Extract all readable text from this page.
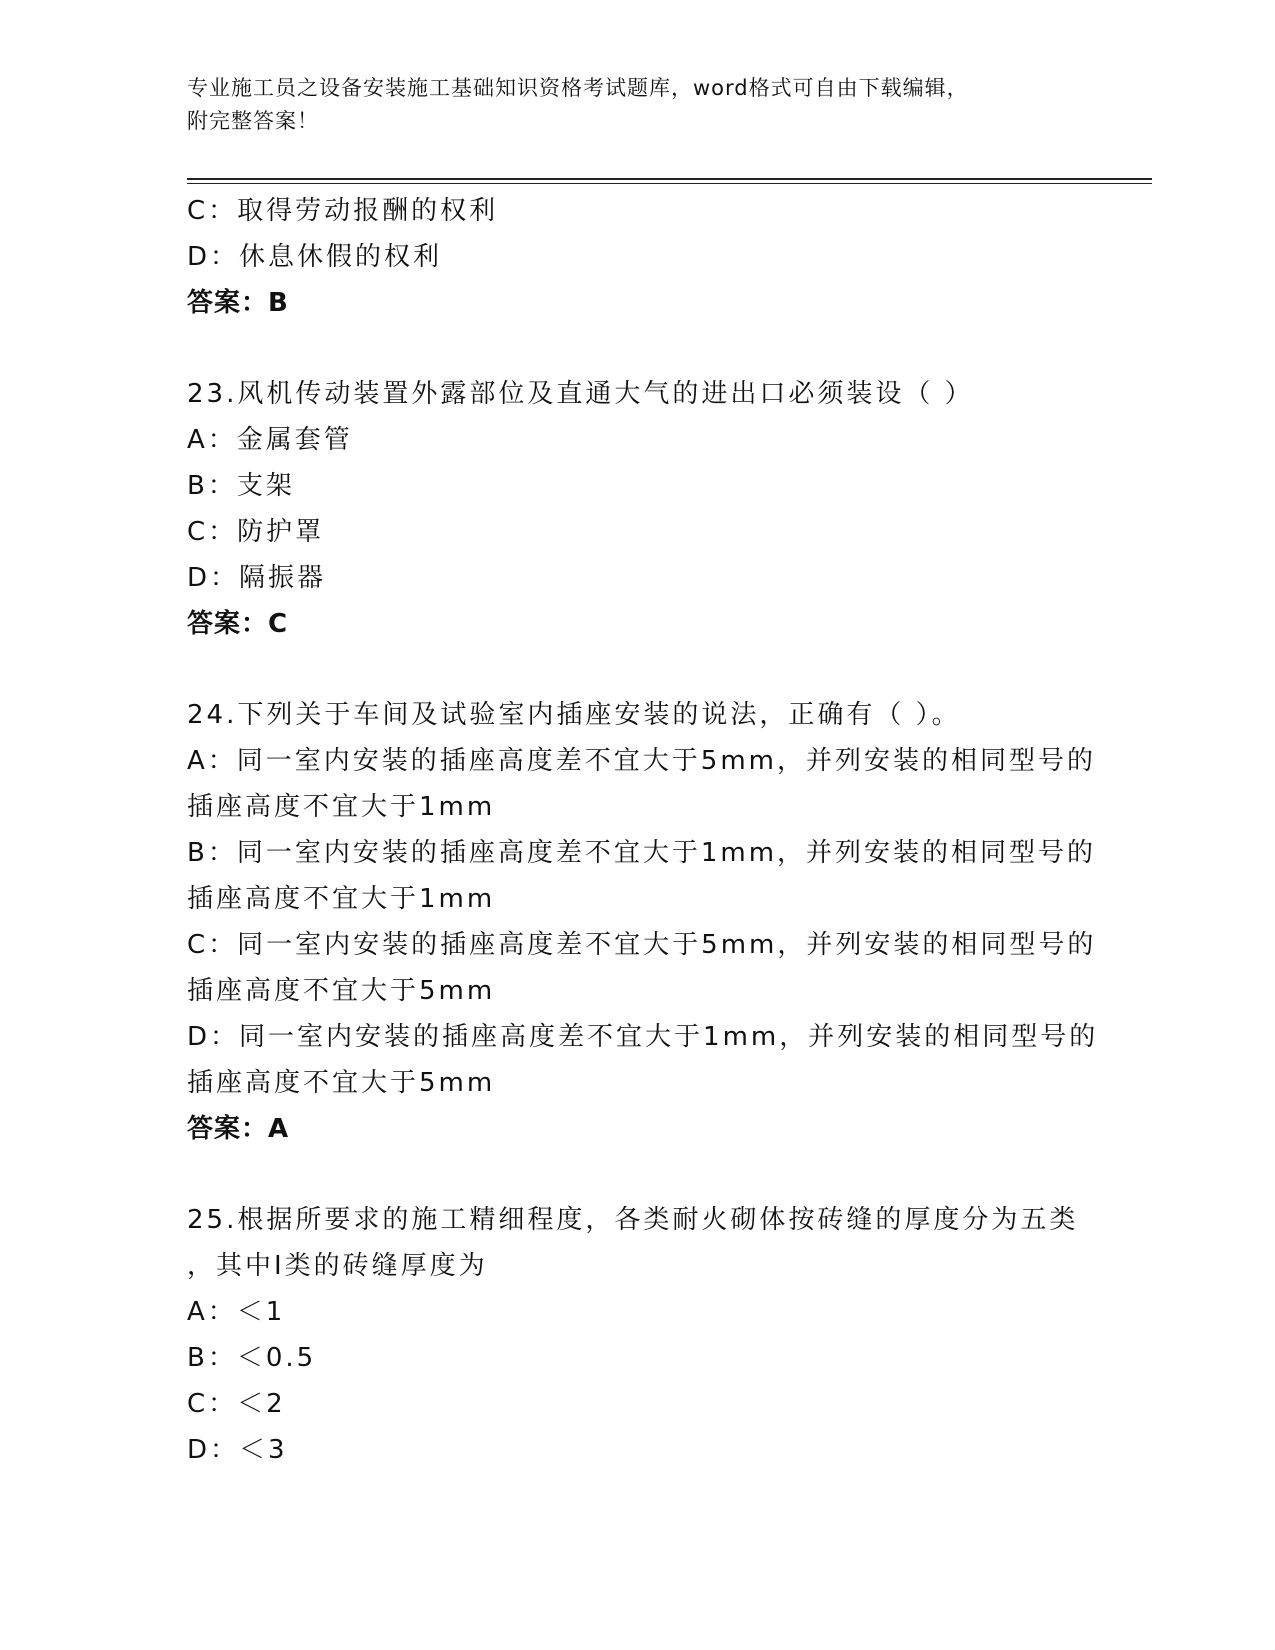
专业施工员之设备安装施工基础知识资格考试题库，word格式可自由下载编辑，
附完整答案！
C：取得劳动报酬的权利
D：休息休假的权利
答案：B
23.风机传动装置外露部位及直通大气的进出口必须装设（ ）
A：金属套管
B：支架
C：防护罩
D：隔振器
答案：C
24.下列关于车间及试验室内插座安装的说法，正确有（ ）。
A：同一室内安装的插座高度差不宜大于5mm，并列安装的相同型号的
插座高度不宜大于1mm
B：同一室内安装的插座高度差不宜大于1mm，并列安装的相同型号的
插座高度不宜大于1mm
C：同一室内安装的插座高度差不宜大于5mm，并列安装的相同型号的
插座高度不宜大于5mm
D：同一室内安装的插座高度差不宜大于1mm，并列安装的相同型号的
插座高度不宜大于5mm
答案：A
25.根据所要求的施工精细程度，各类耐火砌体按砖缝的厚度分为五类
，其中Ⅰ类的砖缝厚度为
A：＜1
B：＜0.5
C：＜2
D：＜3
